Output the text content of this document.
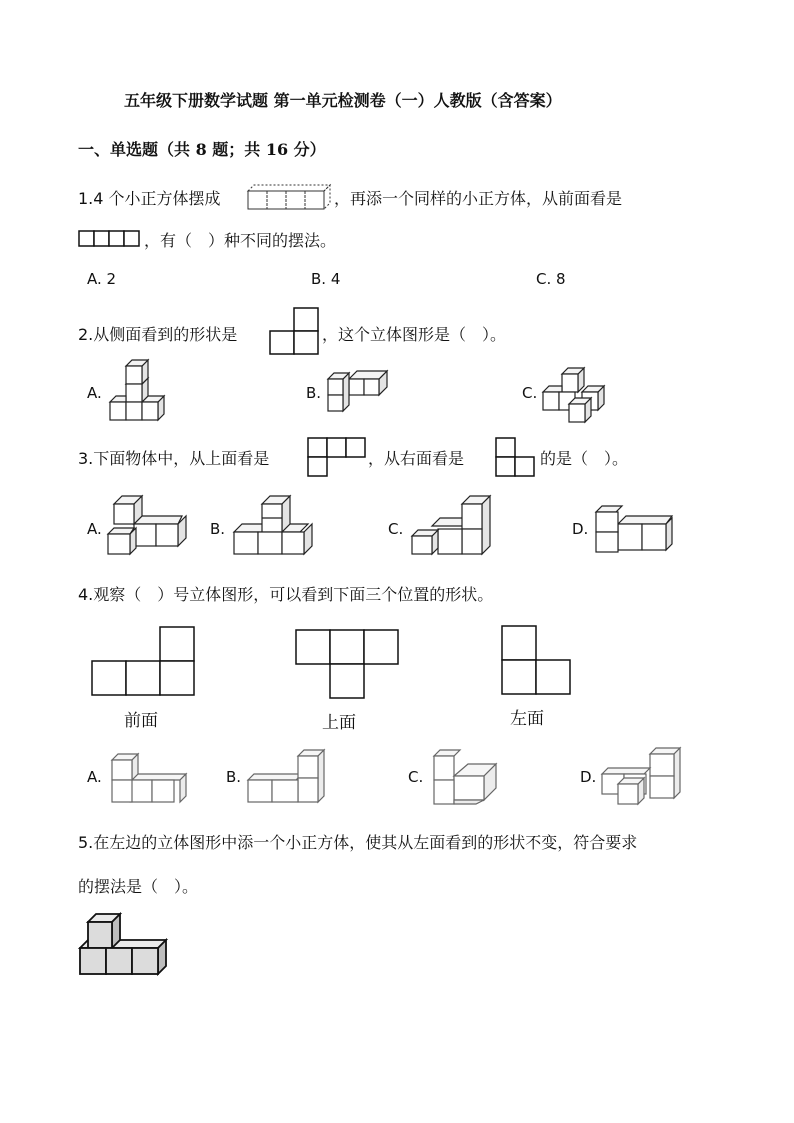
五年级下册数学试题 第一单元检测卷（一）人教版（含答案）
一、单选题（共 8 题；共 16 分）
1.4 个小正方体摆成	，再添一个同样的小正方体，从前面看是
，有（　）种不同的摆法。
A. 2	B. 4	C. 8
2.从侧面看到的形状是	，这个立体图形是（　）。
A.	B.	C.
3.下面物体中，从上面看是	，从右面看是	的是（　）。
A.	B.	C.	D.
4.观察（　）号立体图形，可以看到下面三个位置的形状。
前面	上面	左面
A.	B.	C.	D.
5.在左边的立体图形中添一个小正方体，使其从左面看到的形状不变，符合要求
的摆法是（　）。
